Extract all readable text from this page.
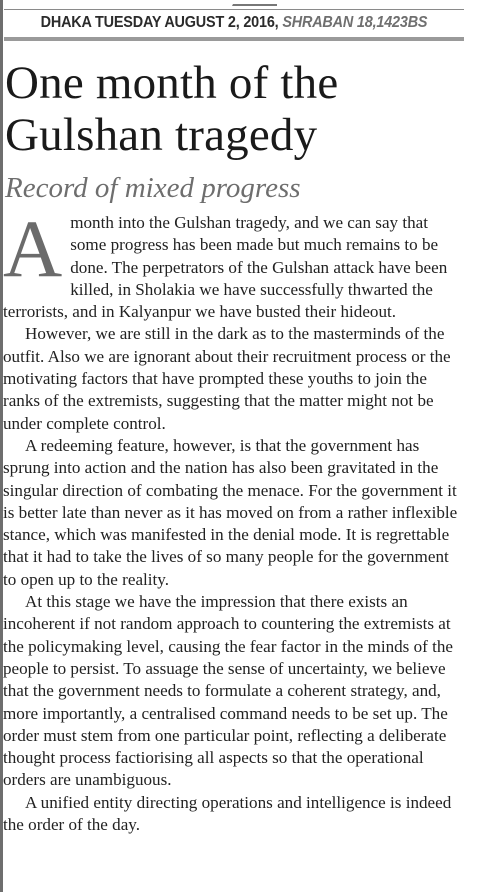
DHAKA TUESDAY AUGUST 2, 2016, SHRABAN 18,1423BS
One month of the Gulshan tragedy
Record of mixed progress

Amonth into the Gulshan tragedy, and we can say that some progress has been made but much remains to be done. The perpetrators of the Gulshan attack have been killed, in Sholakia we have successfully thwarted the terrorists, and in Kalyanpur we have busted their hideout.

However, we are still in the dark as to the masterminds of the outfit. Also we are ignorant about their recruitment process or the motivating factors that have prompted these youths to join the ranks of the extremists, suggesting that the matter might not be under complete control.

A redeeming feature, however, is that the government has sprung into action and the nation has also been gravitated in the singular direction of combating the menace. For the government it is better late than never as it has moved on from a rather inflexible stance, which was manifested in the denial mode. It is regrettable that it had to take the lives of so many people for the government to open up to the reality.

At this stage we have the impression that there exists an incoherent if not random approach to countering the extremists at the policymaking level, causing the fear factor in the minds of the people to persist. To assuage the sense of uncertainty, we believe that the government needs to formulate a coherent strategy, and, more importantly, a centralised command needs to be set up. The order must stem from one particular point, reflecting a deliberate thought process factiorising all aspects so that the operational orders are unambiguous.

A unified entity directing operations and intelligence is indeed the order of the day.
